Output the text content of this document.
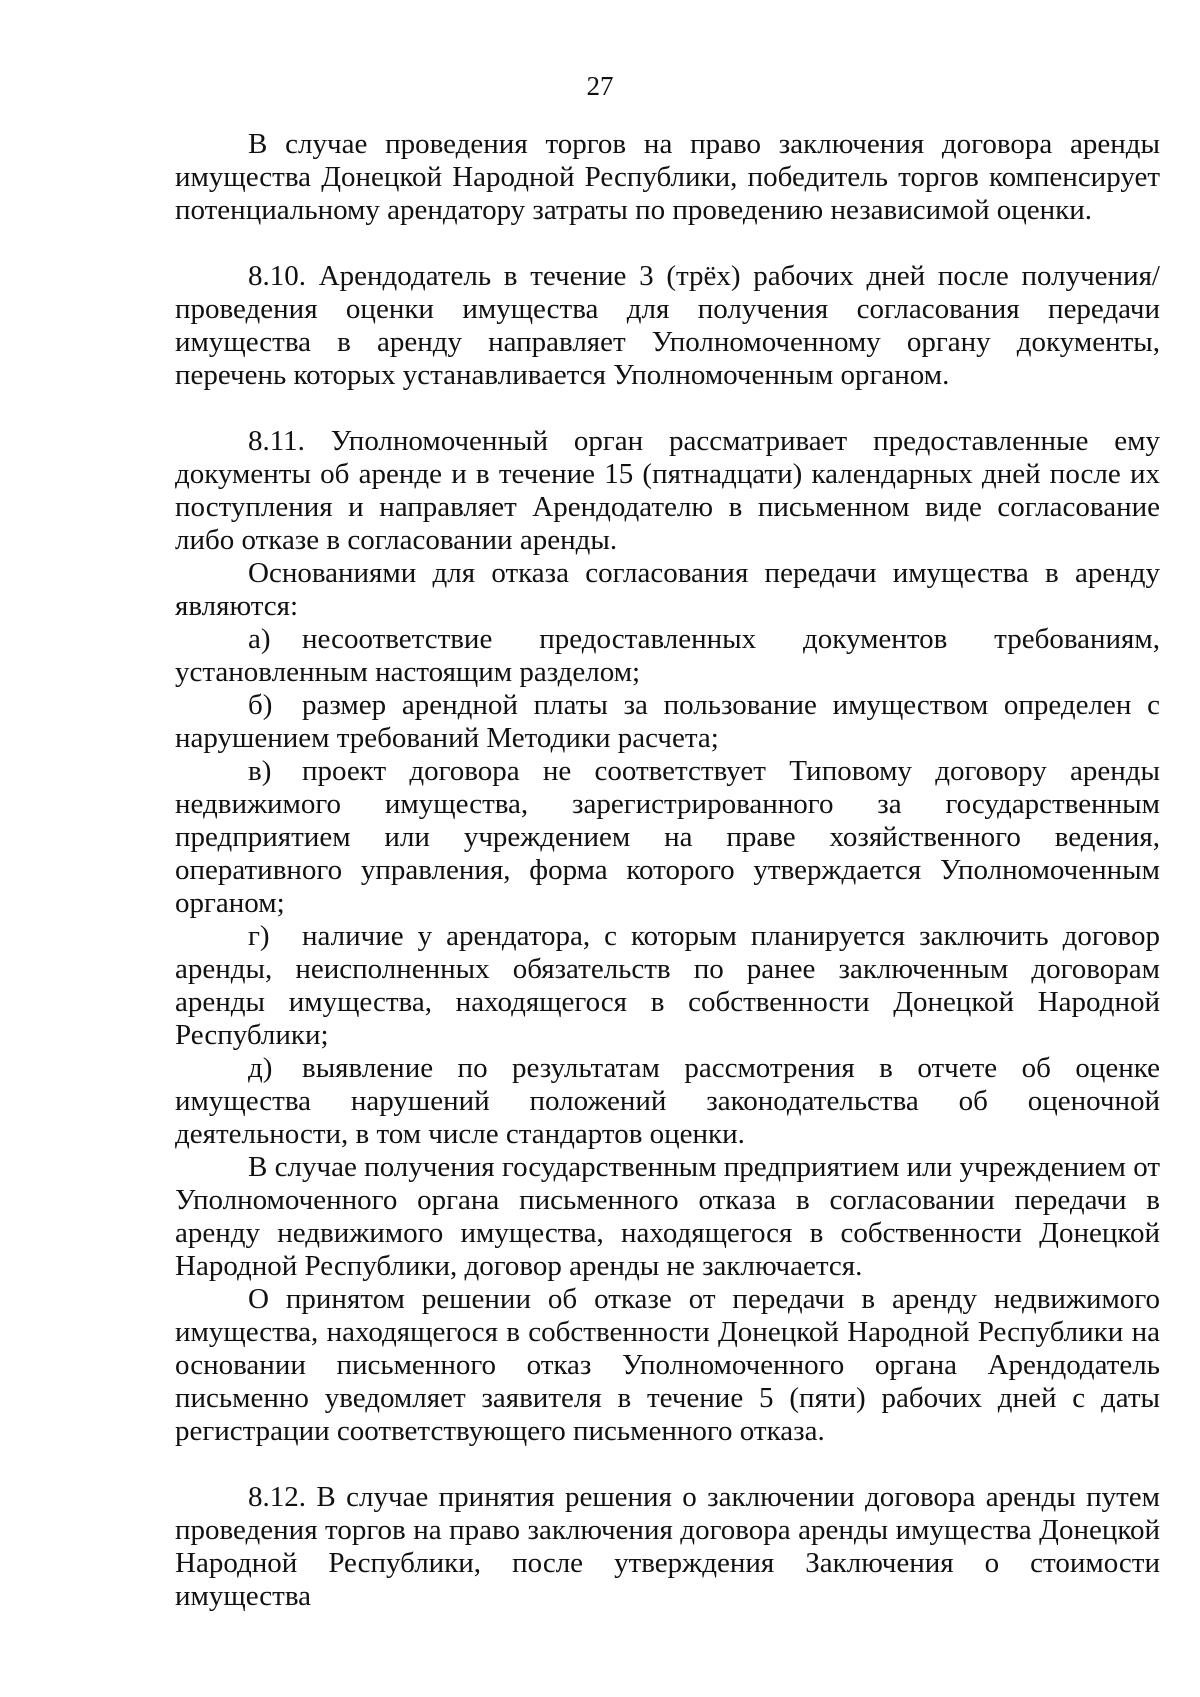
27

В случае проведения торгов на право заключения договора аренды имущества Донецкой Народной Республики, победитель торгов компенсирует потенциальному арендатору затраты по проведению независимой оценки.

8.10. Арендодатель в течение 3 (трёх) рабочих дней после получения/проведения оценки имущества для получения согласования передачи имущества в аренду направляет Уполномоченному органу документы, перечень которых устанавливается Уполномоченным органом.

8.11. Уполномоченный орган рассматривает предоставленные ему документы об аренде и в течение 15 (пятнадцати) календарных дней после их поступления и направляет Арендодателю в письменном виде согласование либо отказе в согласовании аренды.

Основаниями для отказа согласования передачи имущества в аренду являются:

а) несоответствие предоставленных документов требованиям, установленным настоящим разделом;

б) размер арендной платы за пользование имуществом определен с нарушением требований Методики расчета;

в) проект договора не соответствует Типовому договору аренды недвижимого имущества, зарегистрированного за государственным предприятием или учреждением на праве хозяйственного ведения, оперативного управления, форма которого утверждается Уполномоченным органом;

г) наличие у арендатора, с которым планируется заключить договор аренды, неисполненных обязательств по ранее заключенным договорам аренды имущества, находящегося в собственности Донецкой Народной Республики;

д) выявление по результатам рассмотрения в отчете об оценке имущества нарушений положений законодательства об оценочной деятельности, в том числе стандартов оценки.

В случае получения государственным предприятием или учреждением от Уполномоченного органа письменного отказа в согласовании передачи в аренду недвижимого имущества, находящегося в собственности Донецкой Народной Республики, договор аренды не заключается.

О принятом решении об отказе от передачи в аренду недвижимого имущества, находящегося в собственности Донецкой Народной Республики на основании письменного отказ Уполномоченного органа Арендодатель письменно уведомляет заявителя в течение 5 (пяти) рабочих дней с даты регистрации соответствующего письменного отказа.

8.12. В случае принятия решения о заключении договора аренды путем проведения торгов на право заключения договора аренды имущества Донецкой Народной Республики, после утверждения Заключения о стоимости имущества
